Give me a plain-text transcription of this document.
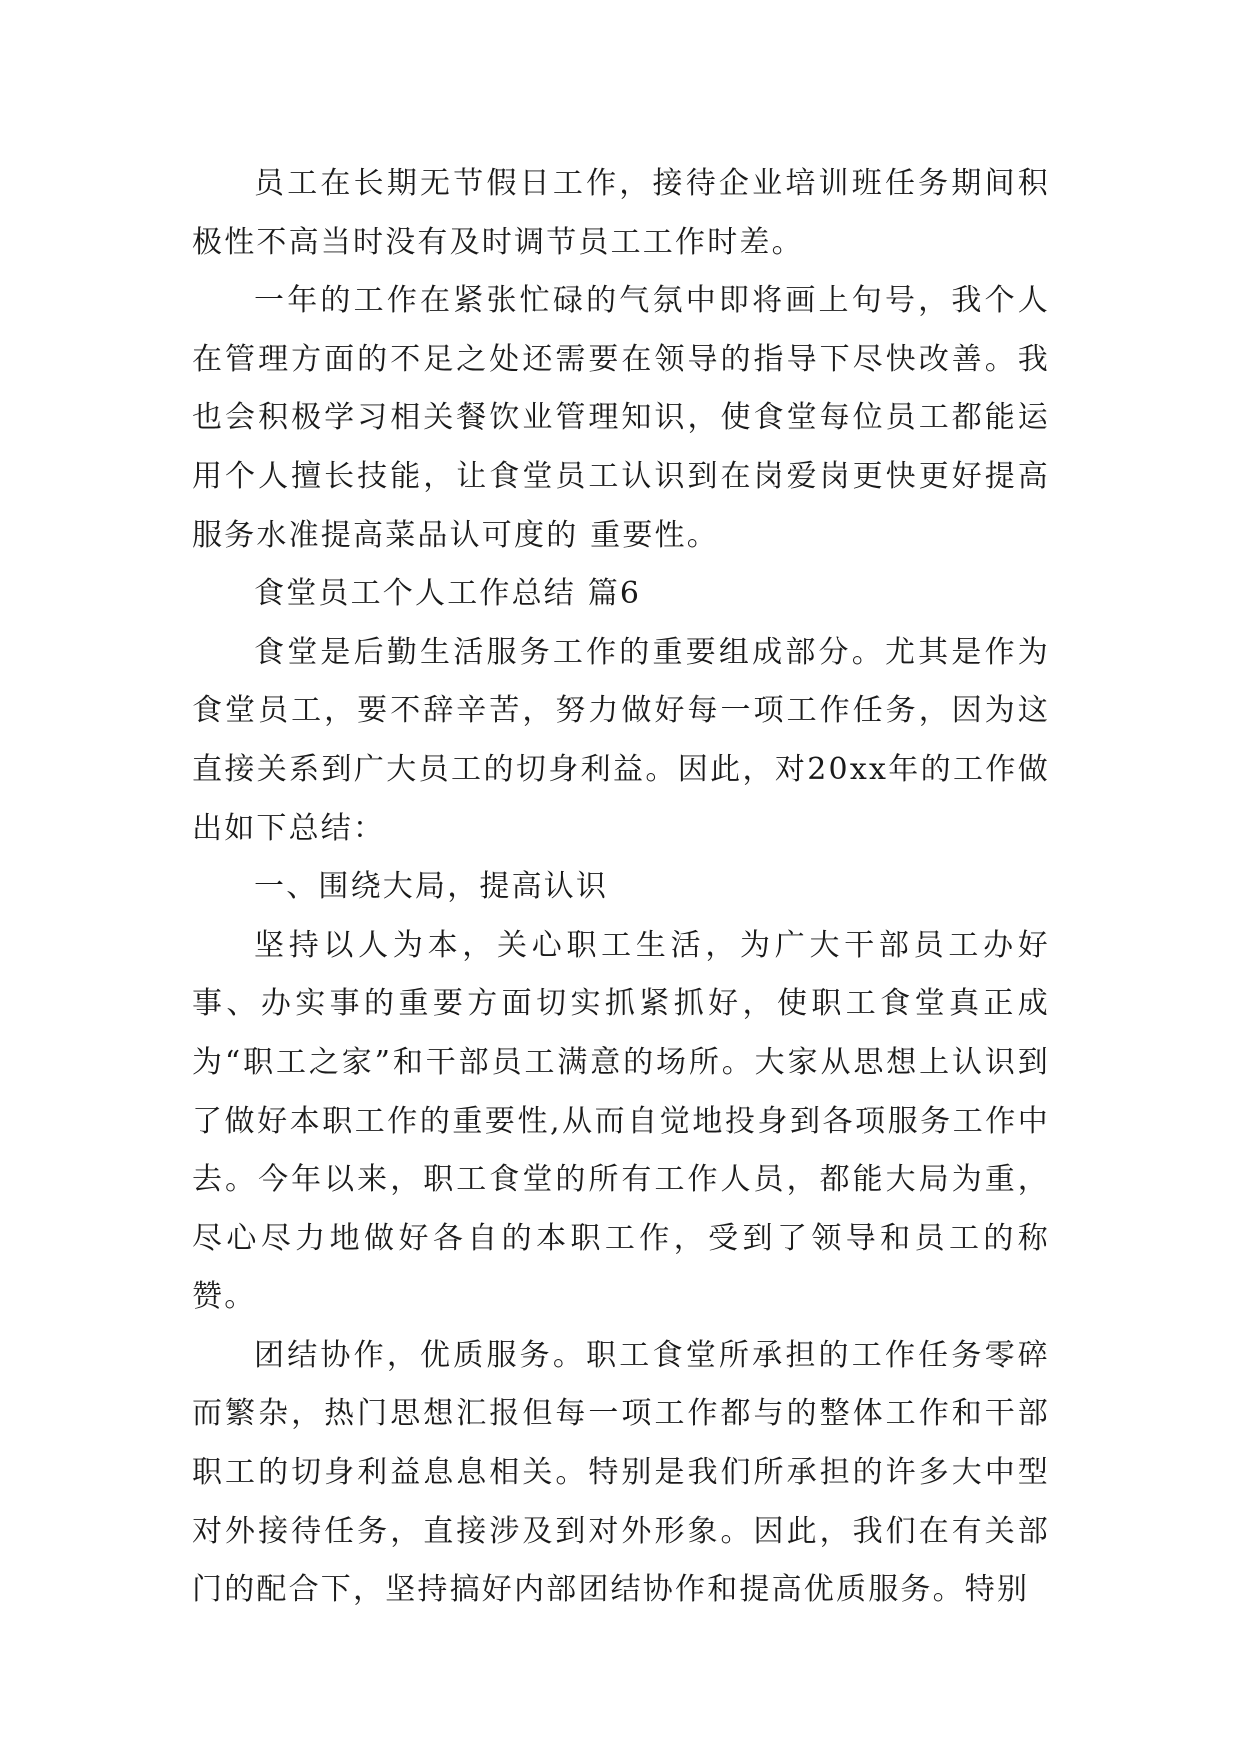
员工在长期无节假日工作，接待企业培训班任务期间积极性不高当时没有及时调节员工工作时差。

一年的工作在紧张忙碌的气氛中即将画上句号，我个人在管理方面的不足之处还需要在领导的指导下尽快改善。我也会积极学习相关餐饮业管理知识，使食堂每位员工都能运用个人擅长技能，让食堂员工认识到在岗爱岗更快更好提高服务水准提高菜品认可度的 重要性。

食堂员工个人工作总结 篇6

食堂是后勤生活服务工作的重要组成部分。尤其是作为食堂员工，要不辞辛苦，努力做好每一项工作任务，因为这直接关系到广大员工的切身利益。因此，对20xx年的工作做出如下总结：

一、围绕大局，提高认识

坚持以人为本，关心职工生活，为广大干部员工办好事、办实事的重要方面切实抓紧抓好，使职工食堂真正成为“职工之家”和干部员工满意的场所。大家从思想上认识到了做好本职工作的重要性,从而自觉地投身到各项服务工作中去。今年以来，职工食堂的所有工作人员，都能大局为重，尽心尽力地做好各自的本职工作，受到了领导和员工的称赞。

团结协作，优质服务。职工食堂所承担的工作任务零碎而繁杂，热门思想汇报但每一项工作都与的整体工作和干部职工的切身利益息息相关。特别是我们所承担的许多大中型对外接待任务，直接涉及到对外形象。因此，我们在有关部门的配合下，坚持搞好内部团结协作和提高优质服务。特别
